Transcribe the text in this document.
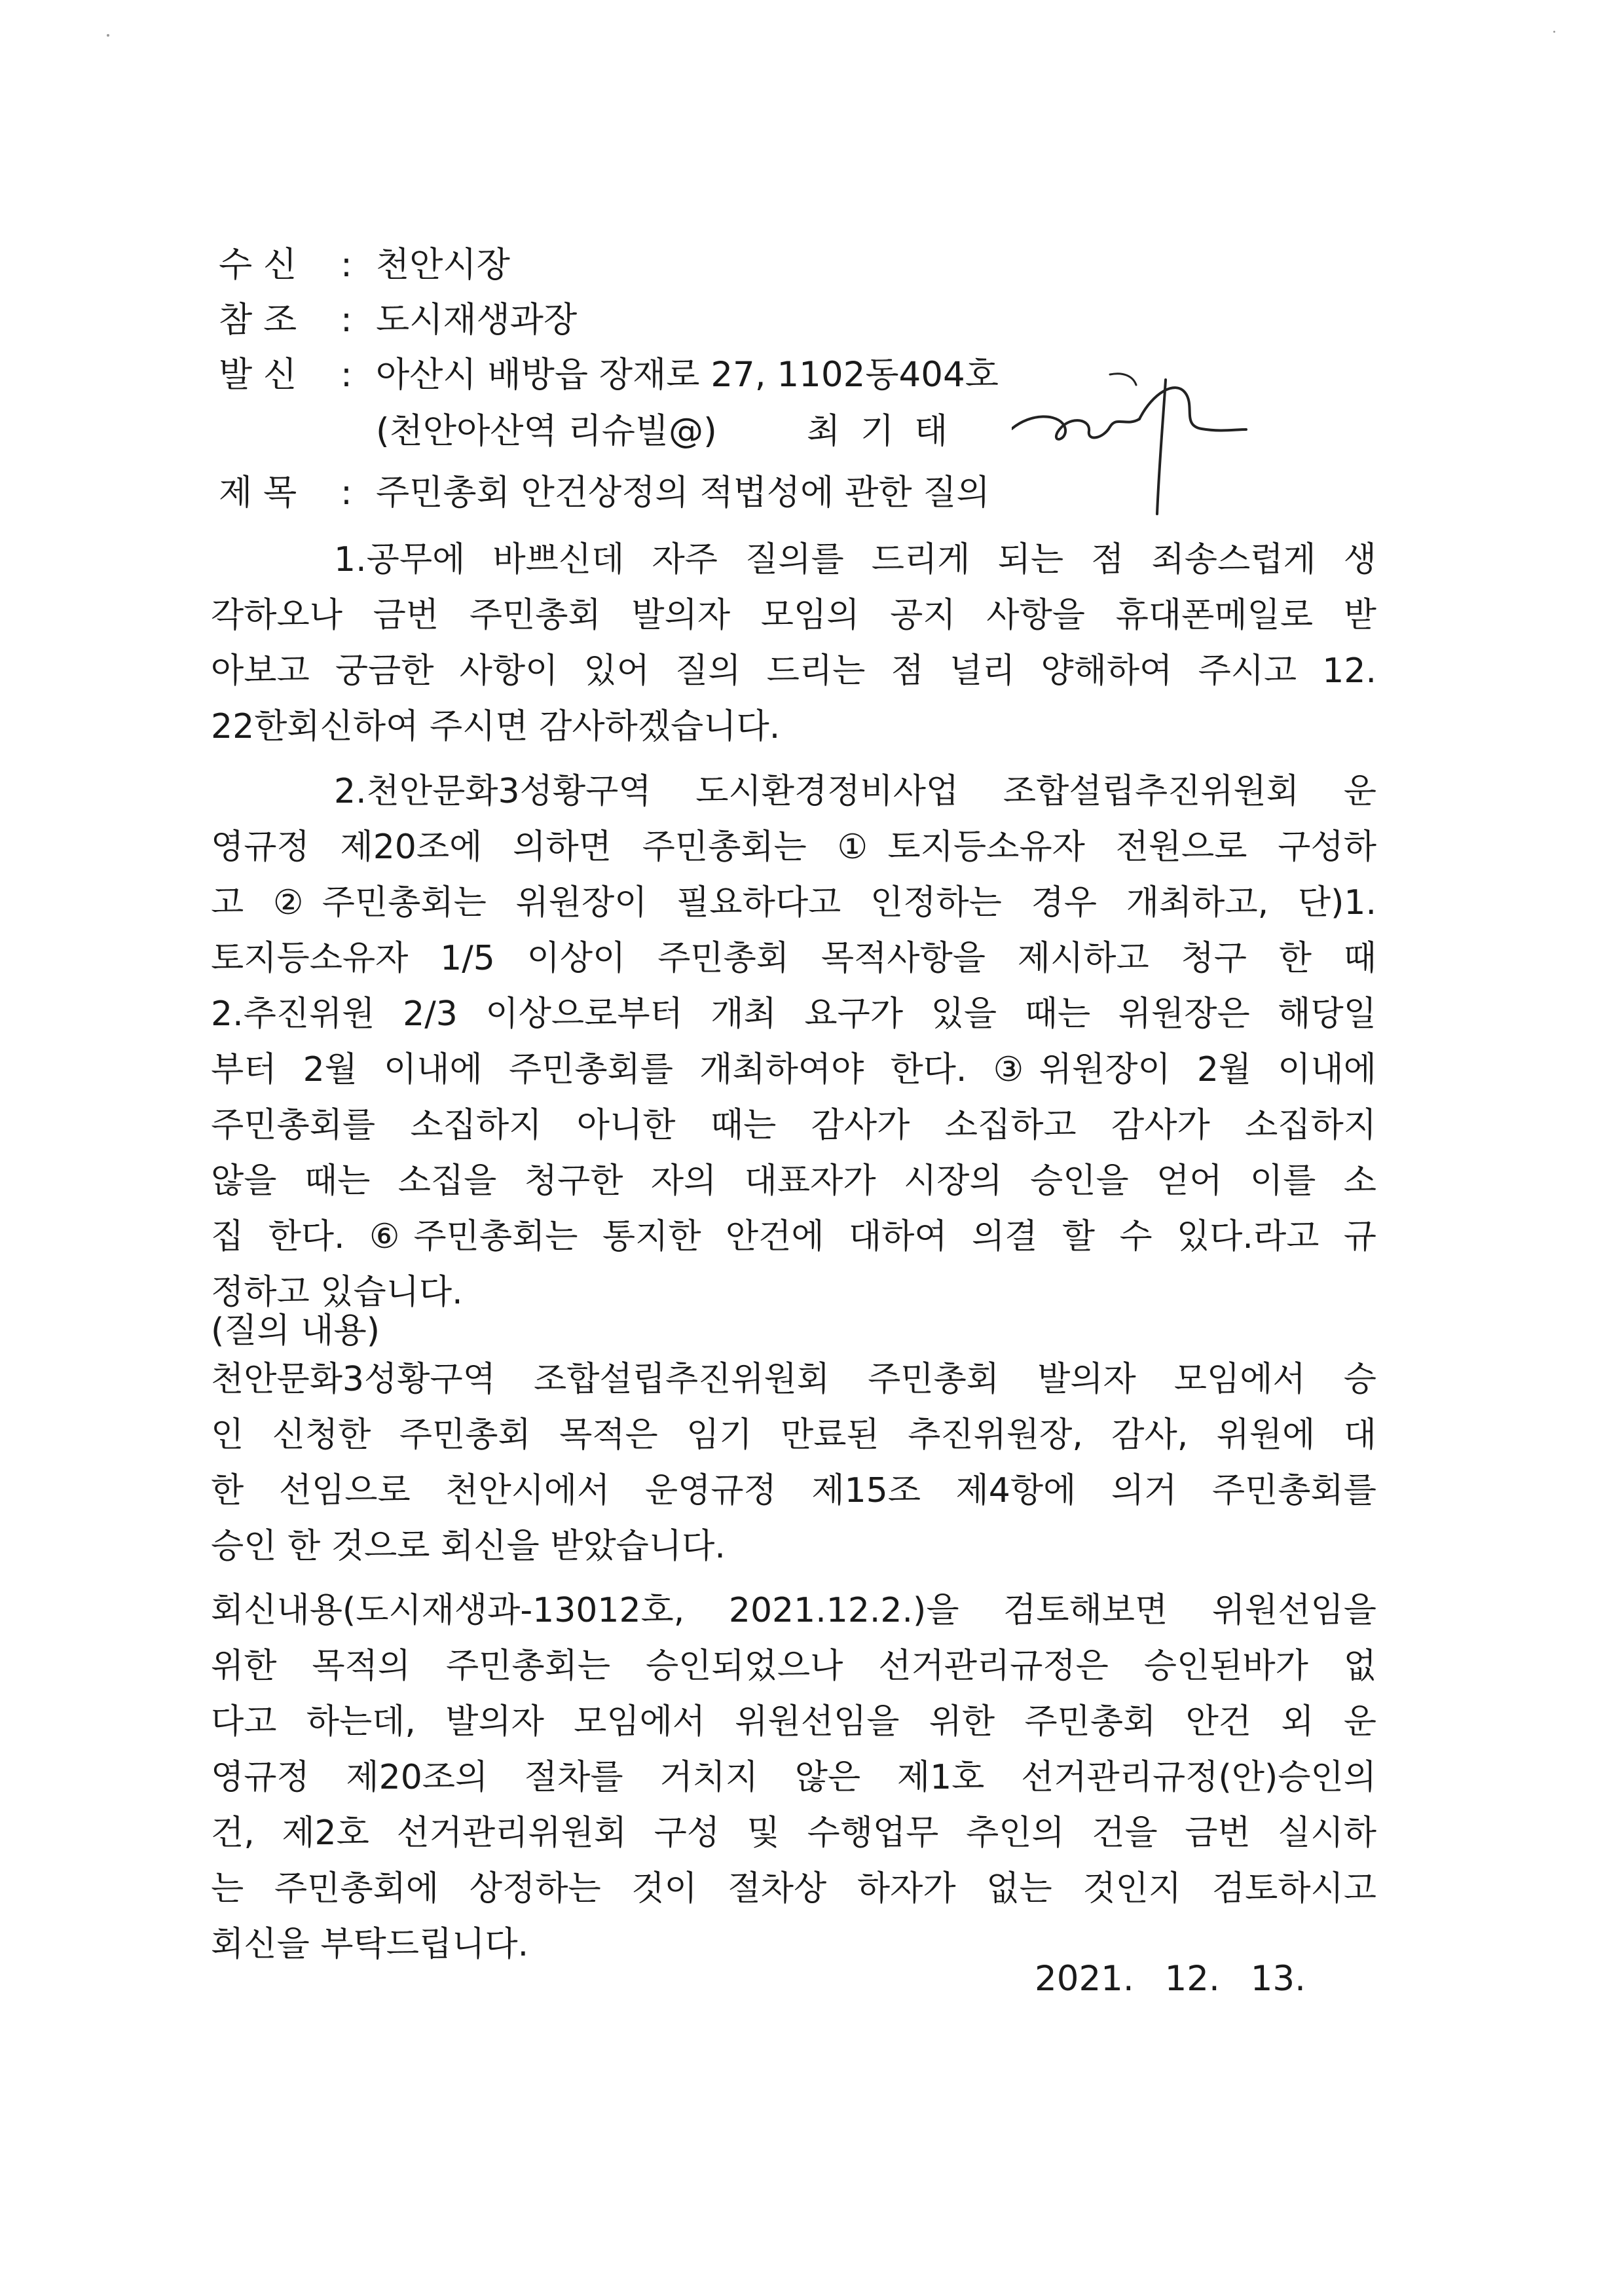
수 신 : 천안시장
참 조 : 도시재생과장
발 신 : 아산시 배방읍 장재로 27, 1102동404호
(천안아산역 리슈빌@)	최 기 태
제 목 : 주민총회 안건상정의 적법성에 관한 질의
1.공무에 바쁘신데 자주 질의를 드리게 되는 점 죄송스럽게 생
각하오나 금번 주민총회 발의자 모임의 공지 사항을 휴대폰메일로 받
아보고 궁금한 사항이 있어 질의 드리는 점 널리 양해하여 주시고 12.
22한회신하여 주시면 감사하겠습니다.
2.천안문화3성황구역 도시환경정비사업 조합설립추진위원회 운
영규정 제20조에 의하면 주민총회는 ①토지등소유자 전원으로 구성하
고 ②주민총회는 위원장이 필요하다고 인정하는 경우 개최하고, 단)1.
토지등소유자 1/5 이상이 주민총회 목적사항을 제시하고 청구 한 때
2.추진위원 2/3 이상으로부터 개최 요구가 있을 때는 위원장은 해당일
부터 2월 이내에 주민총회를 개최하여야 한다. ③위원장이 2월 이내에
주민총회를 소집하지 아니한 때는 감사가 소집하고 감사가 소집하지
않을 때는 소집을 청구한 자의 대표자가 시장의 승인을 얻어 이를 소
집 한다. ⑥주민총회는 통지한 안건에 대하여 의결 할 수 있다.라고 규
정하고 있습니다.
(질의 내용)
천안문화3성황구역 조합설립추진위원회 주민총회 발의자 모임에서 승
인 신청한 주민총회 목적은 임기 만료된 추진위원장, 감사, 위원에 대
한 선임으로 천안시에서 운영규정 제15조 제4항에 의거 주민총회를
승인 한 것으로 회신을 받았습니다.
회신내용(도시재생과-13012호, 2021.12.2.)을 검토해보면 위원선임을
위한 목적의 주민총회는 승인되었으나 선거관리규정은 승인된바가 없
다고 하는데, 발의자 모임에서 위원선임을 위한 주민총회 안건 외 운
영규정 제20조의 절차를 거치지 않은 제1호 선거관리규정(안)승인의
건, 제2호 선거관리위원회 구성 및 수행업무 추인의 건을 금번 실시하
는 주민총회에 상정하는 것이 절차상 하자가 없는 것인지 검토하시고
회신을 부탁드립니다.
2021. 12. 13.
